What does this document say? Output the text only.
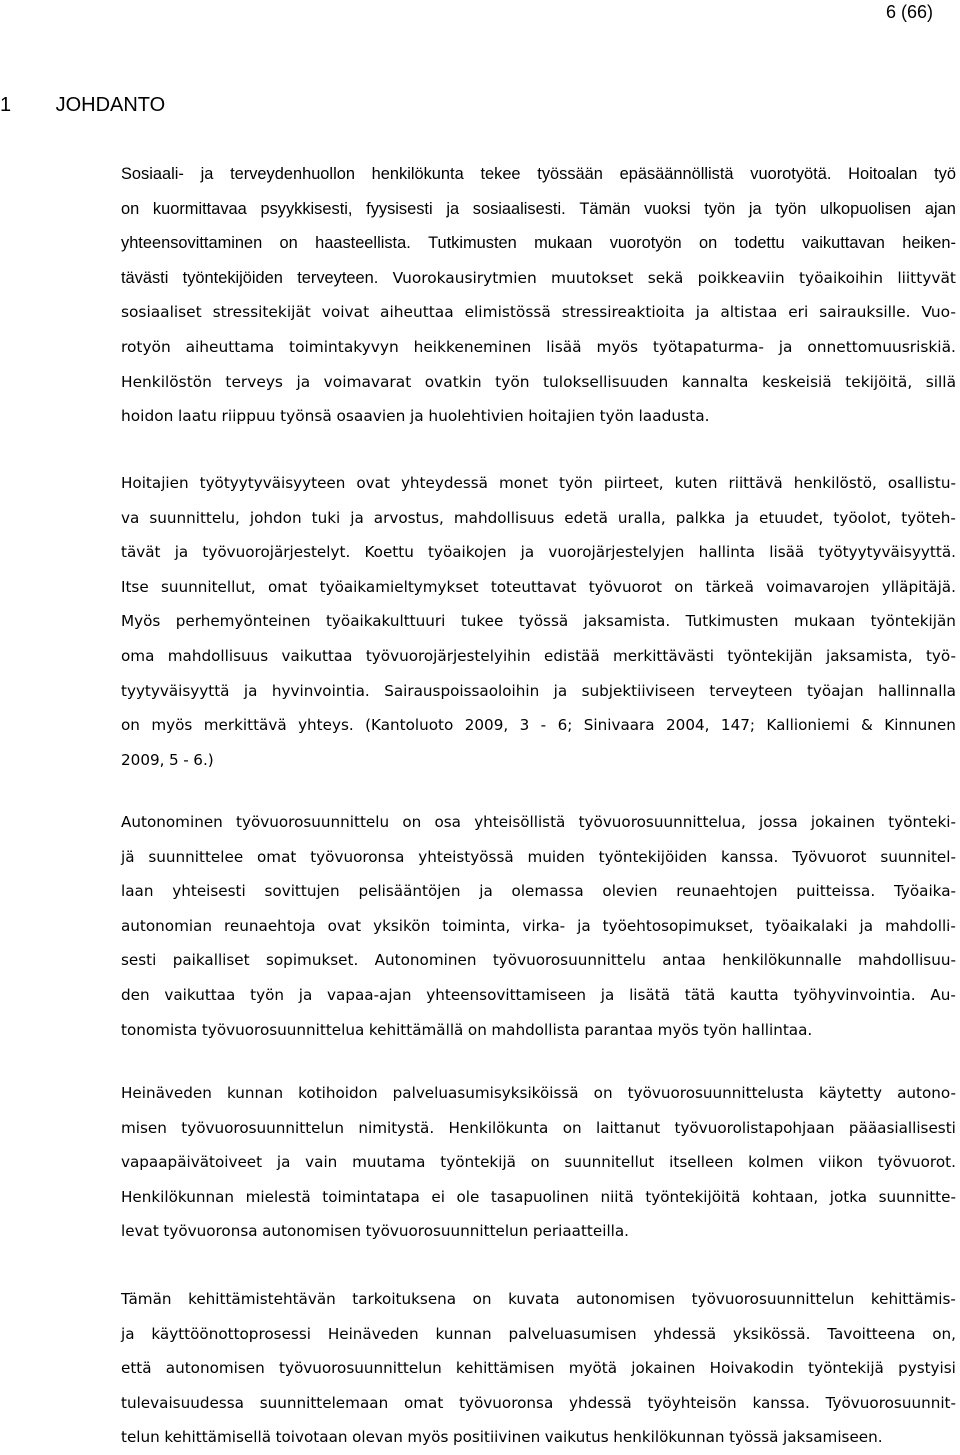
6 (66)
1 JOHDANTO
Sosiaali- ja terveydenhuollon henkilökunta tekee työssään epäsäännöllistä vuorotyötä. Hoitoalan työ
on kuormittavaa psyykkisesti, fyysisesti ja sosiaalisesti. Tämän vuoksi työn ja työn ulkopuolisen ajan
yhteensovittaminen on haasteellista. Tutkimusten mukaan vuorotyön on todettu vaikuttavan heiken-
tävästi työntekijöiden terveyteen. Vuorokausirytmien muutokset sekä poikkeaviin työaikoihin liittyvät
sosiaaliset stressitekijät voivat aiheuttaa elimistössä stressireaktioita ja altistaa eri sairauksille. Vuo-
rotyön aiheuttama toimintakyvyn heikkeneminen lisää myös työtapaturma- ja onnettomuusriskiä.
Henkilöstön terveys ja voimavarat ovatkin työn tuloksellisuuden kannalta keskeisiä tekijöitä, sillä
hoidon laatu riippuu työnsä osaavien ja huolehtivien hoitajien työn laadusta.
Hoitajien työtyytyväisyyteen ovat yhteydessä monet työn piirteet, kuten riittävä henkilöstö, osallistu-
va suunnittelu, johdon tuki ja arvostus, mahdollisuus edetä uralla, palkka ja etuudet, työolot, työteh-
tävät ja työvuorojärjestelyt. Koettu työaikojen ja vuorojärjestelyjen hallinta lisää työtyytyväisyyttä.
Itse suunnitellut, omat työaikamieltymykset toteuttavat työvuorot on tärkeä voimavarojen ylläpitäjä.
Myös perhemyönteinen työaikakulttuuri tukee työssä jaksamista. Tutkimusten mukaan työntekijän
oma mahdollisuus vaikuttaa työvuorojärjestelyihin edistää merkittävästi työntekijän jaksamista, työ-
tyytyväisyyttä ja hyvinvointia. Sairauspoissaoloihin ja subjektiiviseen terveyteen työajan hallinnalla
on myös merkittävä yhteys. (Kantoluoto 2009, 3 - 6; Sinivaara 2004, 147; Kallioniemi & Kinnunen
2009, 5 - 6.)
Autonominen työvuorosuunnittelu on osa yhteisöllistä työvuorosuunnittelua, jossa jokainen työnteki-
jä suunnittelee omat työvuoronsa yhteistyössä muiden työntekijöiden kanssa. Työvuorot suunnitel-
laan yhteisesti sovittujen pelisääntöjen ja olemassa olevien reunaehtojen puitteissa. Työaika-
autonomian reunaehtoja ovat yksikön toiminta, virka- ja työehtosopimukset, työaikalaki ja mahdolli-
sesti paikalliset sopimukset. Autonominen työvuorosuunnittelu antaa henkilökunnalle mahdollisuu-
den vaikuttaa työn ja vapaa-ajan yhteensovittamiseen ja lisätä tätä kautta työhyvinvointia. Au-
tonomista työvuorosuunnittelua kehittämällä on mahdollista parantaa myös työn hallintaa.
Heinäveden kunnan kotihoidon palveluasumisyksiköissä on työvuorosuunnittelusta käytetty autono-
misen työvuorosuunnittelun nimitystä. Henkilökunta on laittanut työvuorolistapohjaan pääasiallisesti
vapaapäivätoiveet ja vain muutama työntekijä on suunnitellut itselleen kolmen viikon työvuorot.
Henkilökunnan mielestä toimintatapa ei ole tasapuolinen niitä työntekijöitä kohtaan, jotka suunnitte-
levat työvuoronsa autonomisen työvuorosuunnittelun periaatteilla.
Tämän kehittämistehtävän tarkoituksena on kuvata autonomisen työvuorosuunnittelun kehittämis-
ja käyttöönottoprosessi Heinäveden kunnan palveluasumisen yhdessä yksikössä. Tavoitteena on,
että autonomisen työvuorosuunnittelun kehittämisen myötä jokainen Hoivakodin työntekijä pystyisi
tulevaisuudessa suunnittelemaan omat työvuoronsa yhdessä työyhteisön kanssa. Työvuorosuunnit-
telun kehittämisellä toivotaan olevan myös positiivinen vaikutus henkilökunnan työssä jaksamiseen.
